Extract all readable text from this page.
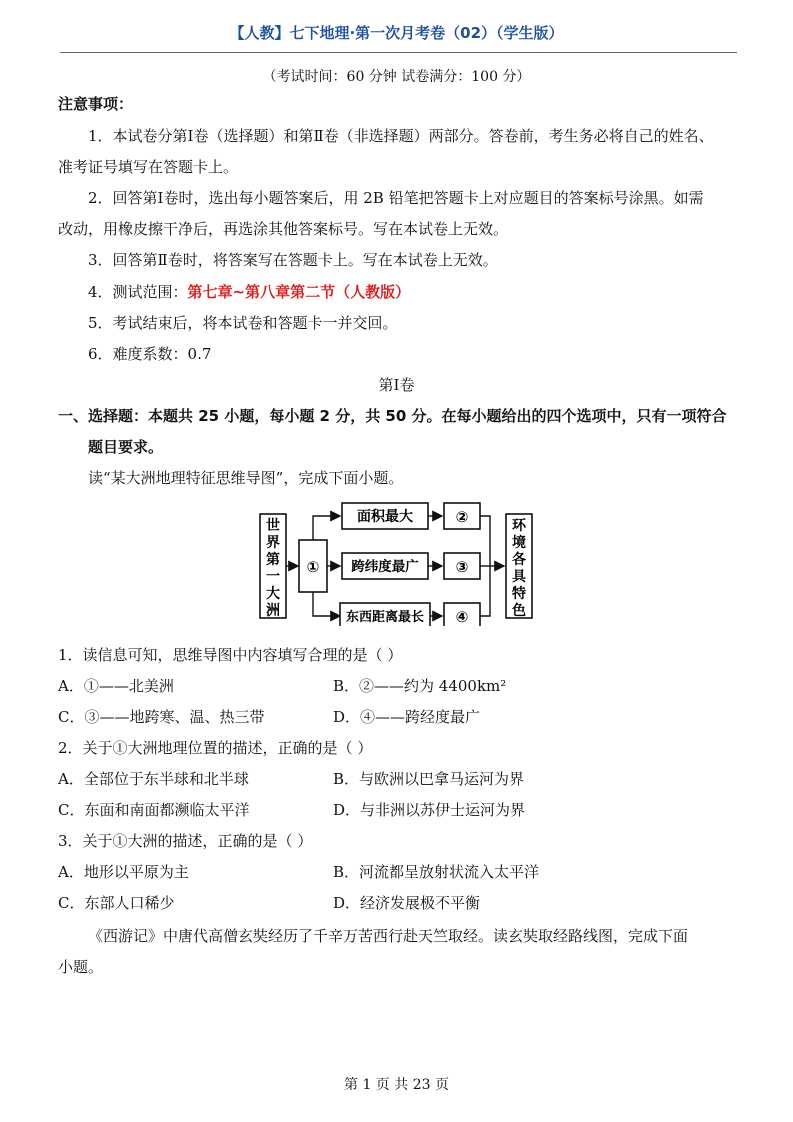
【人教】七下地理·第一次月考卷（02）（学生版）
（考试时间：60 分钟 试卷满分：100 分）
注意事项：
1．本试卷分第Ⅰ卷（选择题）和第Ⅱ卷（非选择题）两部分。答卷前，考生务必将自己的姓名、
准考证号填写在答题卡上。
2．回答第Ⅰ卷时，选出每小题答案后，用 2B 铅笔把答题卡上对应题目的答案标号涂黑。如需
改动，用橡皮擦干净后，再选涂其他答案标号。写在本试卷上无效。
3．回答第Ⅱ卷时，将答案写在答题卡上。写在本试卷上无效。
4．测试范围：第七章~第八章第二节（人教版）
5．考试结束后，将本试卷和答题卡一并交回。
6．难度系数：0.7
第Ⅰ卷
一、选择题：本题共 25 小题，每小题 2 分，共 50 分。在每小题给出的四个选项中，只有一项符合
题目要求。
读“某大洲地理特征思维导图”，完成下面小题。
世
界
第
一
大
洲
①
面积最大
跨纬度最广
东西距离最长
②
③
④
环
境
各
具
特
色
1．读信息可知，思维导图中内容填写合理的是（ ）
A．①——北美洲	B．②——约为 4400km²
C．③——地跨寒、温、热三带	D．④——跨经度最广
2．关于①大洲地理位置的描述，正确的是（ ）
A．全部位于东半球和北半球	B．与欧洲以巴拿马运河为界
C．东面和南面都濒临太平洋	D．与非洲以苏伊士运河为界
3．关于①大洲的描述，正确的是（ ）
A．地形以平原为主	B．河流都呈放射状流入太平洋
C．东部人口稀少	D．经济发展极不平衡
《西游记》中唐代高僧玄奘经历了千辛万苦西行赴天竺取经。读玄奘取经路线图，完成下面
小题。
第 1 页 共 23 页
